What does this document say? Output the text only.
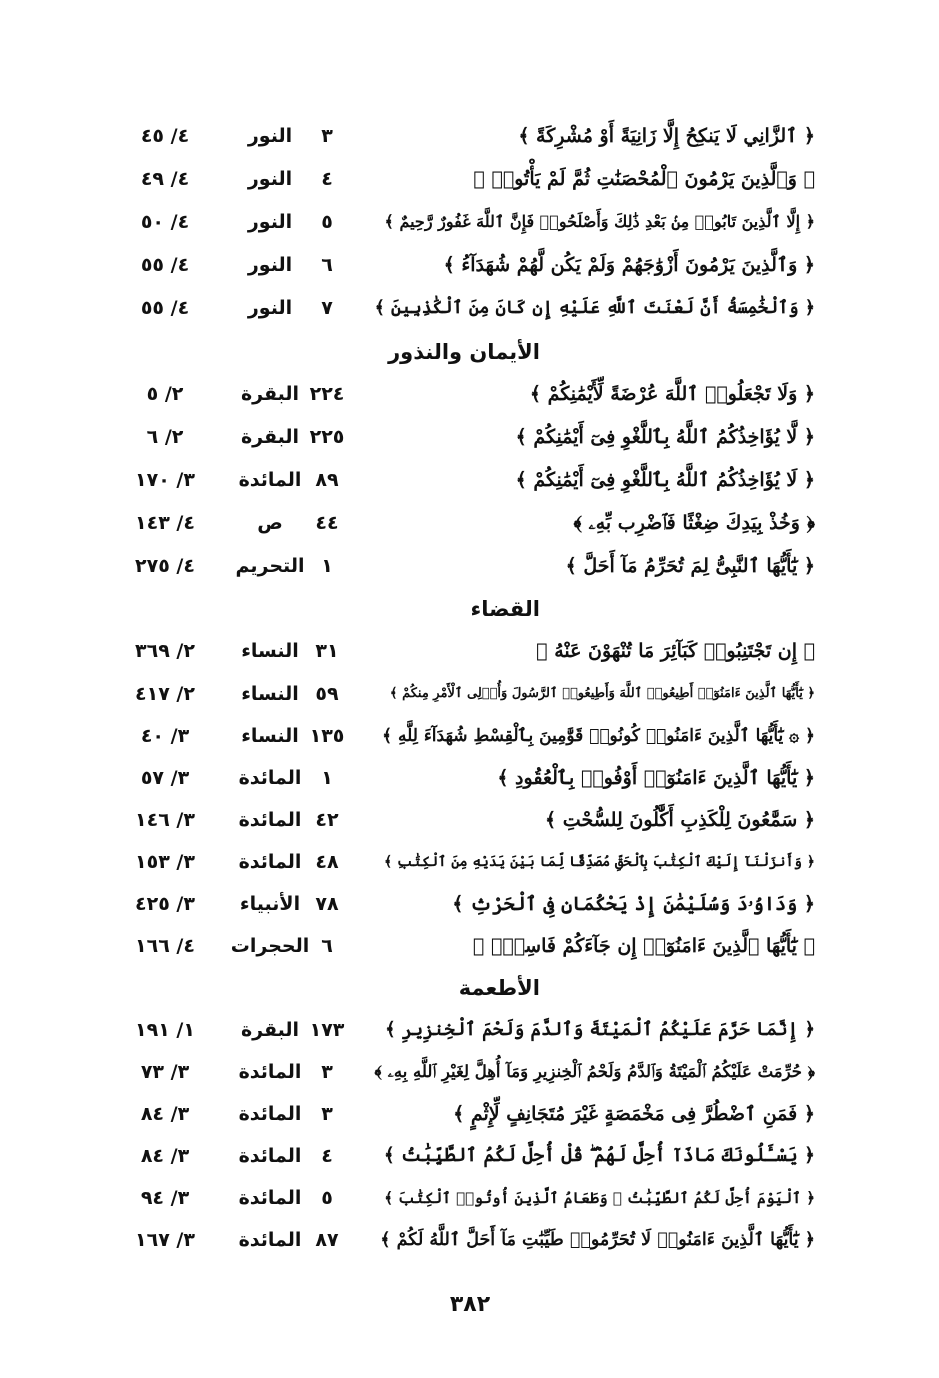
﴿ ٱلزَّانِي لَا يَنكِحُ إِلَّا زَانِيَةً أَوْ مُشْرِكَةً ﴾
٣
النور
٤/ ٤٥
﴿ وَٱلَّذِينَ يَرْمُونَ ٱلْمُحْصَنَٰتِ ثُمَّ لَمْ يَأْتُوا۟ ﴾
٤
النور
٤/ ٤٩
﴿ إِلَّا ٱلَّذِينَ تَابُوا۟ مِنۢ بَعْدِ ذَٰلِكَ وَأَصْلَحُوا۟ فَإِنَّ ٱللَّهَ غَفُورٌ رَّحِيمٌ ﴾
٥
النور
٤/ ٥٠
﴿ وَٱلَّذِينَ يَرْمُونَ أَزْوَٰجَهُمْ وَلَمْ يَكُن لَّهُمْ شُهَدَآءُ ﴾
٦
النور
٤/ ٥٥
﴿ وَٱلْخَٰمِسَةُ أَنَّ لَعْنَتَ ٱللَّهِ عَلَيْهِ إِن كَانَ مِنَ ٱلْكَٰذِبِينَ ﴾
٧
النور
٤/ ٥٥
الأيمان والنذور
﴿ وَلَا تَجْعَلُوا۟ ٱللَّهَ عُرْضَةً لِّأَيْمَٰنِكُمْ ﴾
٢٢٤
البقرة
٢/ ٥
﴿ لَّا يُؤَاخِذُكُمُ ٱللَّهُ بِٱللَّغْوِ فِىٓ أَيْمَٰنِكُمْ ﴾
٢٢٥
البقرة
٢/ ٦
﴿ لَا يُؤَاخِذُكُمُ ٱللَّهُ بِٱللَّغْوِ فِىٓ أَيْمَٰنِكُمْ ﴾
٨٩
المائدة
٣/ ١٧٠
﴿ وَخُذْ بِيَدِكَ ضِغْثًا فَٱضْرِب بِّهِۦ ﴾
٤٤
ص
٤/ ١٤٣
﴿ يَٰٓأَيُّهَا ٱلنَّبِىُّ لِمَ تُحَرِّمُ مَآ أَحَلَّ ﴾
١
التحريم
٤/ ٢٧٥
القضاء
﴿ إِن تَجْتَنِبُوا۟ كَبَآئِرَ مَا تُنْهَوْنَ عَنْهُ ﴾
٣١
النساء
٢/ ٣٦٩
﴿ يَٰٓأَيُّهَا ٱلَّذِينَ ءَامَنُوٓا۟ أَطِيعُوا۟ ٱللَّهَ وَأَطِيعُوا۟ ٱلرَّسُولَ وَأُو۟لِى ٱلْأَمْرِ مِنكُمْ ﴾
٥٩
النساء
٢/ ٤١٧
﴿ ۞ يَٰٓأَيُّهَا ٱلَّذِينَ ءَامَنُوا۟ كُونُوا۟ قَوَّٰمِينَ بِٱلْقِسْطِ شُهَدَآءَ لِلَّهِ ﴾
١٣٥
النساء
٣/ ٤٠
﴿ يَٰٓأَيُّهَا ٱلَّذِينَ ءَامَنُوٓا۟ أَوْفُوا۟ بِٱلْعُقُودِ ﴾
١
المائدة
٣/ ٥٧
﴿ سَمَّٰعُونَ لِلْكَذِبِ أَكَّٰلُونَ لِلسُّحْتِ ﴾
٤٢
المائدة
٣/ ١٤٦
﴿ وَأَنزَلْنَآ إِلَيْكَ ٱلْكِتَٰبَ بِٱلْحَقِّ مُصَدِّقًا لِّمَا بَيْنَ يَدَيْهِ مِنَ ٱلْكِتَٰبِ ﴾
٤٨
المائدة
٣/ ١٥٣
﴿ وَدَاوُۥدَ وَسُلَيْمَٰنَ إِذْ يَحْكُمَانِ فِى ٱلْحَرْثِ ﴾
٧٨
الأنبياء
٣/ ٤٢٥
﴿ يَٰٓأَيُّهَا ٱلَّذِينَ ءَامَنُوٓا۟ إِن جَآءَكُمْ فَاسِقٌۢ ﴾
٦
الحجرات
٤/ ١٦٦
الأطعمة
﴿ إِنَّمَا حَرَّمَ عَلَيْكُمُ ٱلْمَيْتَةَ وَٱلدَّمَ وَلَحْمَ ٱلْخِنزِيرِ ﴾
١٧٣
البقرة
١/ ١٩١
﴿ حُرِّمَتْ عَلَيْكُمُ ٱلْمَيْتَةُ وَٱلدَّمُ وَلَحْمُ ٱلْخِنزِيرِ وَمَآ أُهِلَّ لِغَيْرِ ٱللَّهِ بِهِۦ ﴾
٣
المائدة
٣/ ٧٣
﴿ فَمَنِ ٱضْطُرَّ فِى مَخْمَصَةٍ غَيْرَ مُتَجَانِفٍ لِّإِثْمٍ ﴾
٣
المائدة
٣/ ٨٤
﴿ يَسْـَٔلُونَكَ مَاذَآ أُحِلَّ لَهُمْ ۖ قُلْ أُحِلَّ لَكُمُ ٱلطَّيِّبَٰتُ ﴾
٤
المائدة
٣/ ٨٤
﴿ ٱلْيَوْمَ أُحِلَّ لَكُمُ ٱلطَّيِّبَٰتُ ۖ وَطَعَامُ ٱلَّذِينَ أُوتُوا۟ ٱلْكِتَٰبَ ﴾
٥
المائدة
٣/ ٩٤
﴿ يَٰٓأَيُّهَا ٱلَّذِينَ ءَامَنُوا۟ لَا تُحَرِّمُوا۟ طَيِّبَٰتِ مَآ أَحَلَّ ٱللَّهُ لَكُمْ ﴾
٨٧
المائدة
٣/ ١٦٧
٣٨٢
